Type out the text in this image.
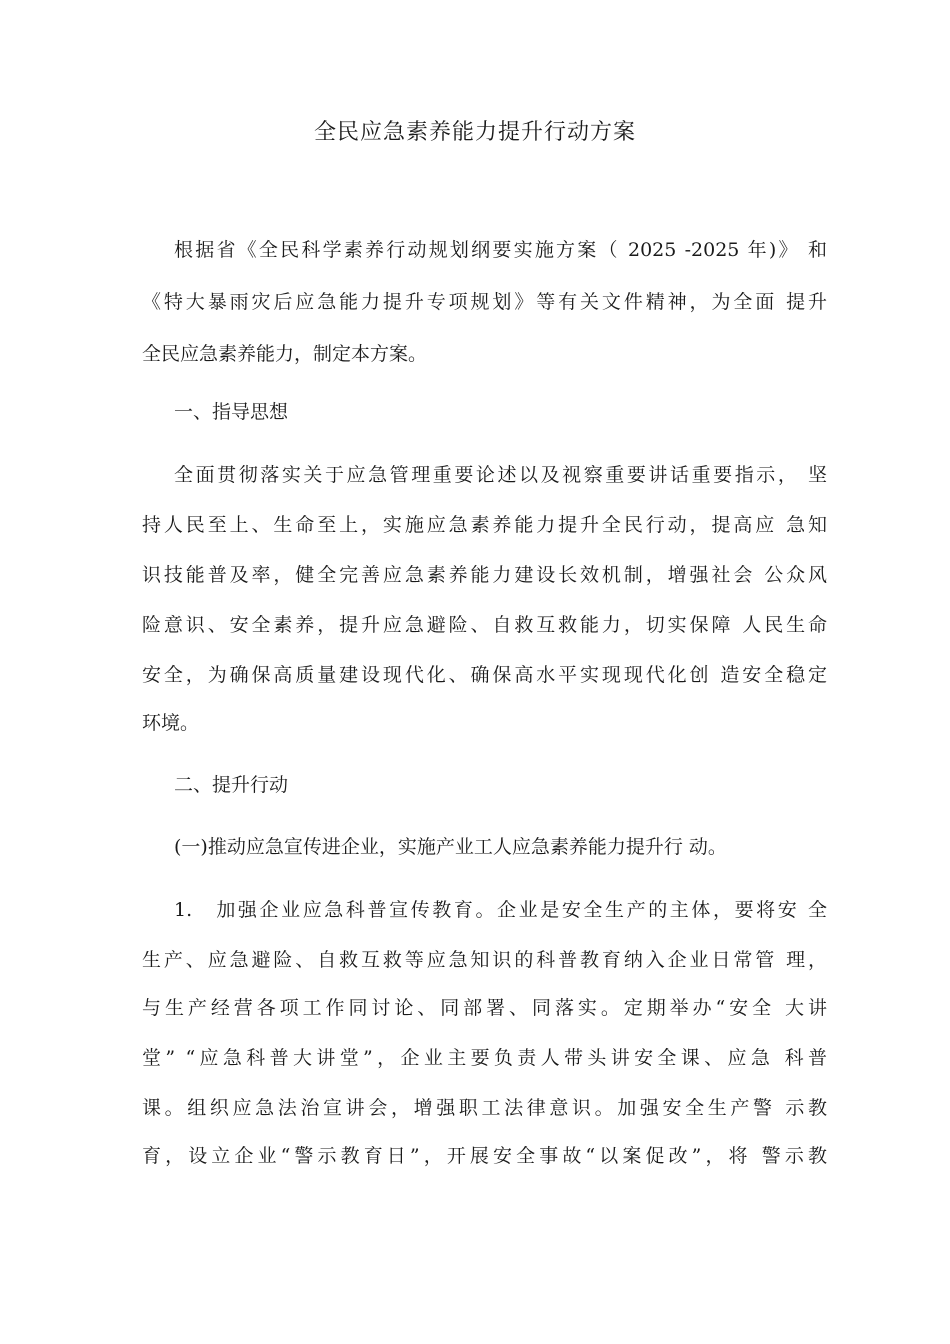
全民应急素养能力提升行动方案
根据省《全民科学素养行动规划纲要实施方案（ 2025 -2025 年)》 和
《特大暴雨灾后应急能力提升专项规划》等有关文件精神，为全面 提升
全民应急素养能力，制定本方案。
一、指导思想
全面贯彻落实关于应急管理重要论述以及视察重要讲话重要指示， 坚
持人民至上、生命至上，实施应急素养能力提升全民行动，提高应 急知
识技能普及率，健全完善应急素养能力建设长效机制，增强社会 公众风
险意识、安全素养，提升应急避险、自救互救能力，切实保障 人民生命
安全，为确保高质量建设现代化、确保高水平实现现代化创 造安全稳定
环境。
二、提升行动
(一)推动应急宣传进企业，实施产业工人应急素养能力提升行 动。
1.　加强企业应急科普宣传教育。企业是安全生产的主体，要将安 全
生产、应急避险、自救互救等应急知识的科普教育纳入企业日常管 理，
与生产经营各项工作同讨论、同部署、同落实。定期举办“安全 大讲
堂” “应急科普大讲堂”，企业主要负责人带头讲安全课、应急 科普
课。组织应急法治宣讲会，增强职工法律意识。加强安全生产警 示教
育，设立企业“警示教育日”，开展安全事故“以案促改”，将 警示教
